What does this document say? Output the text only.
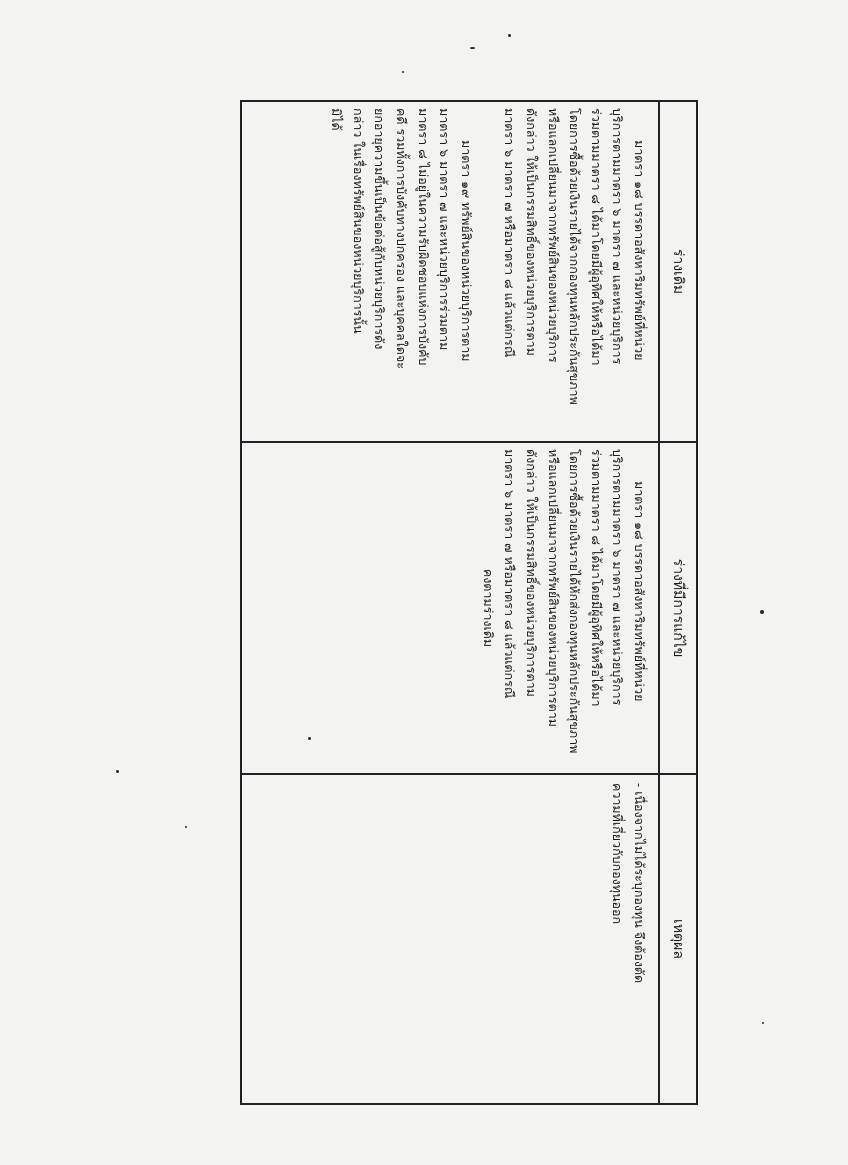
ร่างเดิม
ร่างที่มีการแก้ไข
เหตุผล

มาตรา ๑๘ บรรดาอสังหาริมทรัพย์ที่หน่วย

บุริการตามมาตรา ๖ มาตรา ๗ และหน่วยบุริการ

ร่วมตามมาตรา ๘ ได้มาโดยมีผู้อุทิศให้หรือได้มา

โดยการซื้อด้วยเงินรายได้จากกองทุนหลักประกันสุขภาพ

หรือแลกเปลี่ยนมาจากทรัพย์สินของหน่วยบุริการ

ดังกล่าว ให้เป็นกรรมสิทธิ์ของหน่วยบุริการตาม

มาตรา ๖ มาตรา ๗ หรือมาตรา ๘ แล้วแต่กรณี

มาตรา ๑๙ ทรัพย์สินของหน่วยบุริการตาม

มาตรา ๖ มาตรา ๗ และหน่วยบุริการร่วมตาม

มาตรา ๘ ไม่อยู่ในความรับผิดชอบแห่งการบังคับ

คดี รวมทั้งการบังคับทางปกครอง และบุคคลใดจะ

ยกอายุความขึ้นเป็นข้อต่อสู้กับหน่วยบุริการดัง

กล่าว ในเรื่องทรัพย์สินของหน่วยบุริการนั้น

มิได้

มาตรา ๑๘ บรรดาอสังหาริมทรัพย์ที่หน่วย

บุริการตามมาตรา ๖ มาตรา ๗ และหน่วยบุริการ

ร่วมตามมาตรา ๘ ได้มาโดยมีผู้อุทิศให้หรือได้มา

โดยการซื้อด้วยเงินรายได้หักส่งกองทุนหลักประกันสุขภาพ

หรือแลกเปลี่ยนมาจากทรัพย์สินของหน่วยบุริการตาม

ดังกล่าว ให้เป็นกรรมสิทธิ์ของหน่วยบุริการตาม

มาตรา ๖ มาตรา ๗ หรือมาตรา ๘ แล้วแต่กรณี

คงตามร่างเดิม

- เนื่องจากไม่ได้ระบุกองทุน จึงต้องตัด

ความที่เกี่ยวกับกองทุนออก
